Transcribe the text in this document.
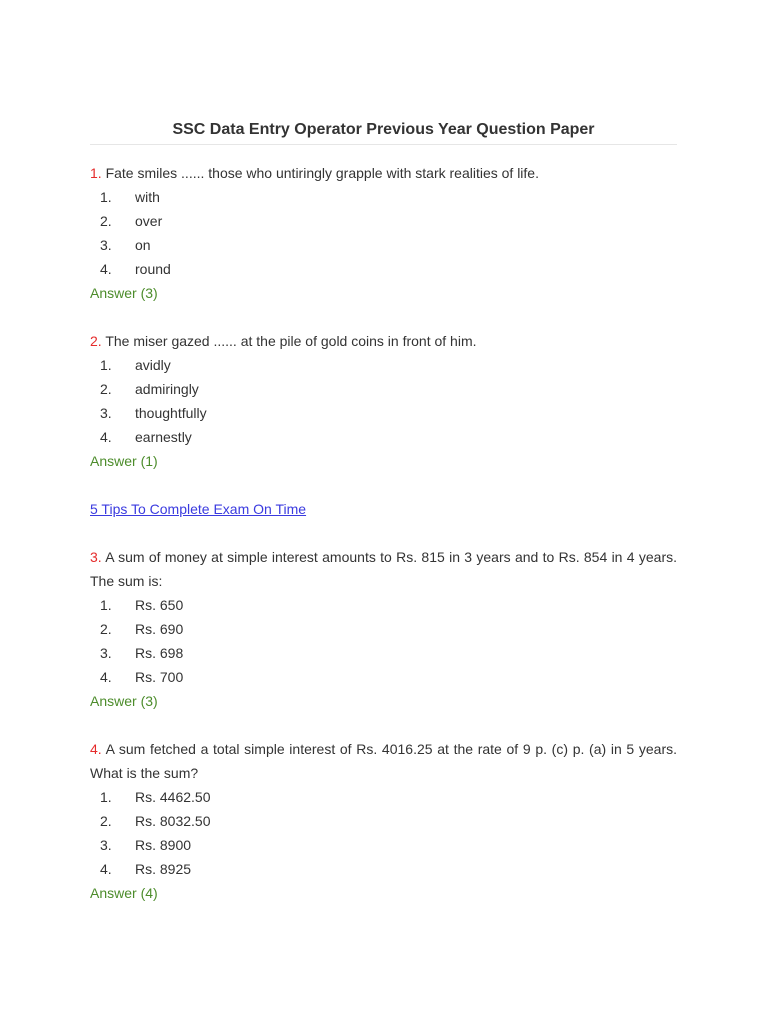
SSC Data Entry Operator Previous Year Question Paper

1. Fate smiles ...... those who untiringly grapple with stark realities of life.

1. with
2. over
3. on
4. round

Answer (3)

2. The miser gazed ...... at the pile of gold coins in front of him.

1. avidly
2. admiringly
3. thoughtfully
4. earnestly

Answer (1)

5 Tips To Complete Exam On Time

3. A sum of money at simple interest amounts to Rs. 815 in 3 years and to Rs. 854 in 4 years. The sum is:

1. Rs. 650
2. Rs. 690
3. Rs. 698
4. Rs. 700

Answer (3)

4. A sum fetched a total simple interest of Rs. 4016.25 at the rate of 9 p. (c) p. (a) in 5 years. What is the sum?

1. Rs. 4462.50
2. Rs. 8032.50
3. Rs. 8900
4. Rs. 8925

Answer (4)
